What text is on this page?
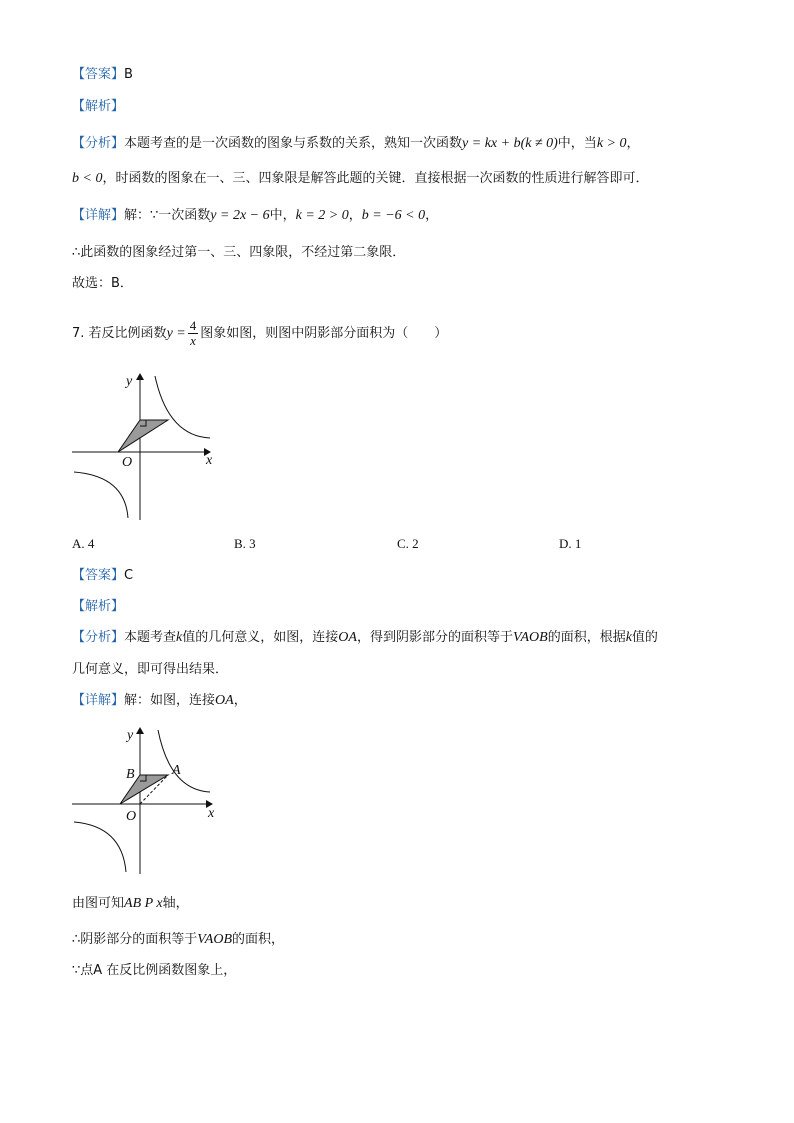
【答案】B
【解析】
【分析】本题考查的是一次函数的图象与系数的关系，熟知一次函数y = kx + b(k ≠ 0)中，当k > 0，
b < 0，时函数的图象在一、三、四象限是解答此题的关键．直接根据一次函数的性质进行解答即可．
【详解】解：∵一次函数y = 2x − 6中，k = 2 > 0，b = −6 < 0，
∴此函数的图象经过第一、三、四象限，不经过第二象限．
故选：B．
7. 若反比例函数$y = \frac{4}{x}$ 图象如图，则图中阴影部分面积为（　　）
y
x
O
A. 4	B. 3	C. 2	D. 1
【答案】C
【解析】
【分析】本题考查k值的几何意义，如图，连接OA，得到阴影部分的面积等于VAOB的面积，根据k值的
几何意义，即可得出结果．
【详解】解：如图，连接OA，
y
x
O
A
B
由图可知AB P x轴，
∴阴影部分的面积等于VAOB的面积，
∵点A 在反比例函数图象上，
